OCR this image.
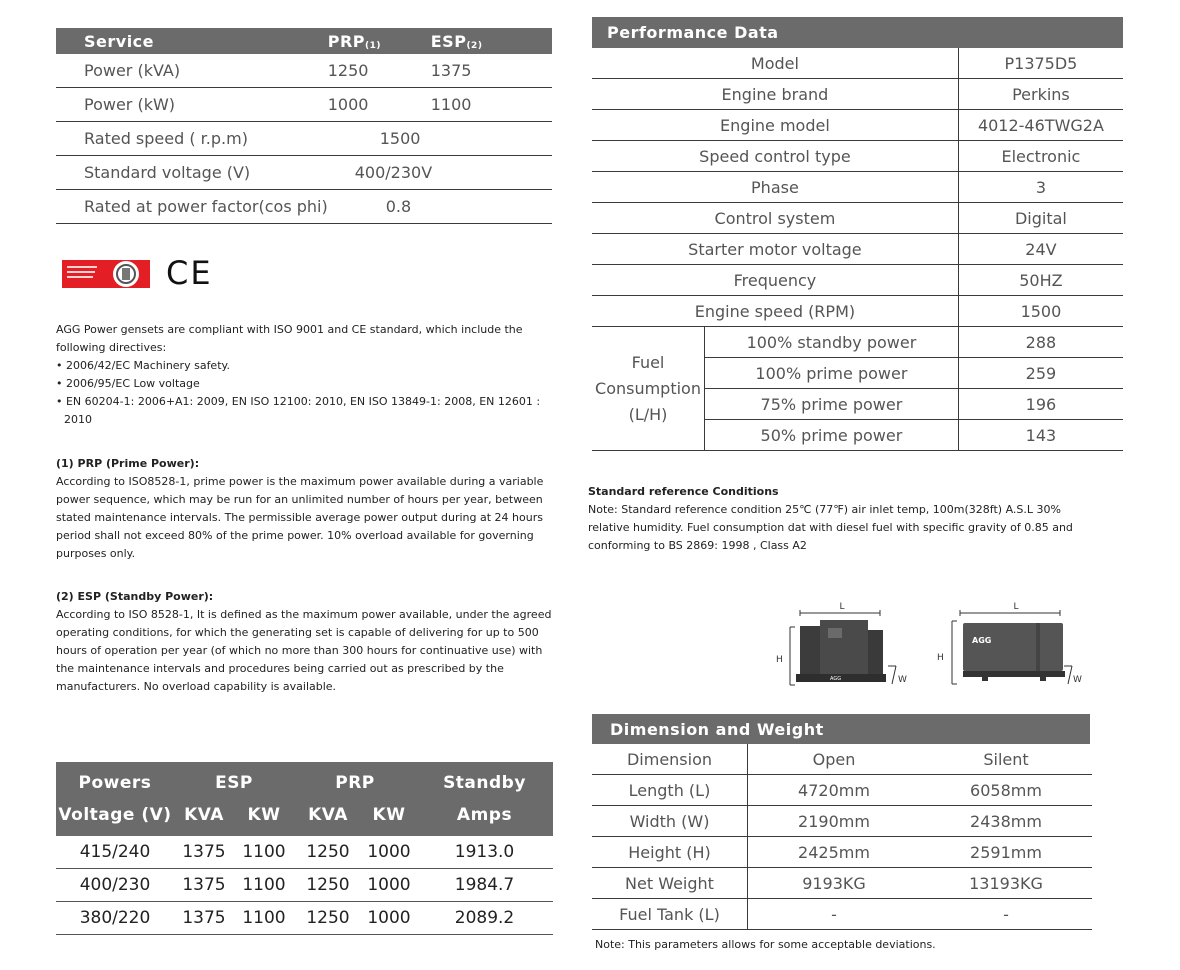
Service	$PRP_{(1)}$	$ESP_{(2)}$
Power (kVA)	1250	1375
Power (kW)	1000	1100
Rated speed ( r.p.m)	1500	
Standard voltage (V)	400/230V	
Rated at power factor(cos phi)	0.8	
CE
AGG Power gensets are compliant with ISO 9001 and CE standard, which include the following directives:
• 2006/42/EC Machinery safety.
• 2006/95/EC Low voltage
• EN 60204-1: 2006+A1: 2009, EN ISO 12100: 2010, EN ISO 13849-1: 2008, EN 12601 : 2010
(1) PRP (Prime Power):
According to ISO8528-1, prime power is the maximum power available during a variable power sequence, which may be run for an unlimited number of hours per year, between stated maintenance intervals. The permissible average power output during at 24 hours period shall not exceed 80% of the prime power. 10% overload available for governing purposes only.
(2) ESP (Standby Power):
According to ISO 8528-1, It is defined as the maximum power available, under the agreed operating conditions, for which the generating set is capable of delivering for up to 500 hours of operation per year (of which no more than 300 hours for continuative use) with the maintenance intervals and procedures being carried out as prescribed by the manufacturers. No overload capability is available.
Powers	ESP		PRP		Standby
Voltage (V)	KVA	KW	KVA	KW	Amps
415/240	1375	1100	1250	1000	1913.0
400/230	1375	1100	1250	1000	1984.7
380/220	1375	1100	1250	1000	2089.2
Performance Data
Model		P1375D5
Engine brand		Perkins
Engine model		4012-46TWG2A
Speed control type		Electronic
Phase		3
Control system		Digital
Starter motor voltage		24V
Frequency		50HZ
Engine speed (RPM)		1500

Fuel
Consumption
(L/H)	100% standby power	288
	100% prime power	259
	75% prime power	196
	50% prime power	143
Standard reference Conditions
Note: Standard reference condition 25℃ (77℉) air inlet temp, 100m(328ft) A.S.L 30% relative humidity. Fuel consumption dat with diesel fuel with specific gravity of 0.85 and conforming to BS 2869: 1998 , Class A2
L
H
AGG	W
L
H
AGG
W
Dimension and Weight
Dimension	Open	Silent
Length (L)	4720mm	6058mm
Width (W)	2190mm	2438mm
Height (H)	2425mm	2591mm
Net Weight	9193KG	13193KG
Fuel Tank (L)	-	-
Note: This parameters allows for some acceptable deviations.
